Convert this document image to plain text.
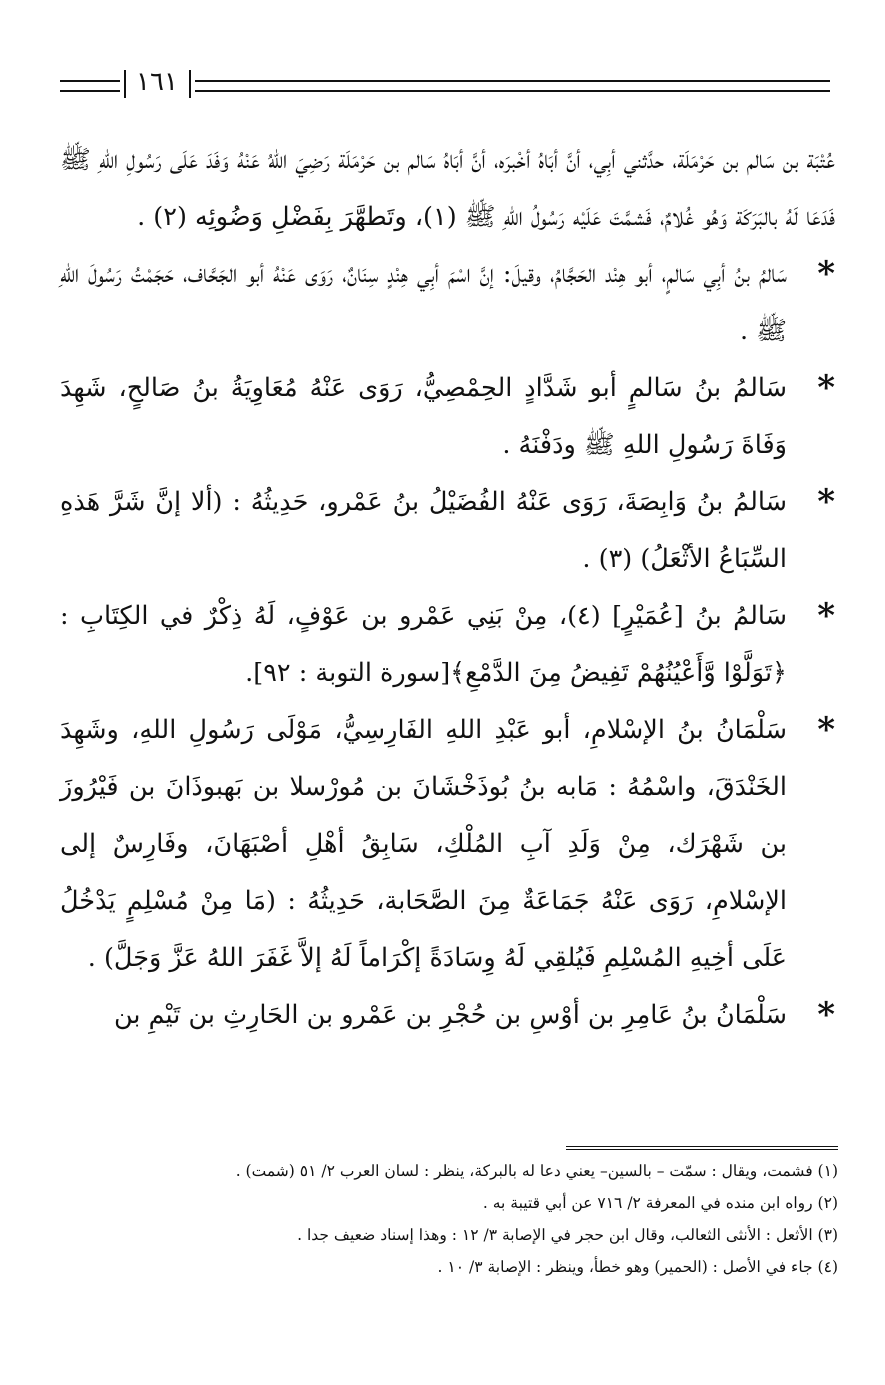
١٦١

عُتْبَة بن سَالم بن حَرْمَلَة، حدَّثني أبِي، أنَّ أبَاهُ أخْبرَه، أنَّ أبَاهُ سَالم بن حَرْمَلَة رَضِيَ اللهُ عَنْهُ وَفَدَ عَلَى رَسُولِ اللهِ ﷺ فَدَعَا لَهُ بالبَرَكَة وَهُو غُلامٌ، فَشمَّتَ عَلَيْه رَسُولُ اللهِ ﷺ (١)، وتَطهَّرَ بِفَضْلِ وَضُوئِه (٢) .

*
سَالمُ بنُ أبِي سَالمٍ، أبو هِنْد الحَجَّامُ، وقيلَ: إنَّ اسْمَ أبِي هِنْدٍ سِنَانٌ، رَوَى عَنْهُ أبو الجَحَّاف، حَجَمْتُ رَسُولَ اللهِ ﷺ .

*
سَالمُ بنُ سَالمٍ أبو شَدَّادٍ الحِمْصِيُّ، رَوَى عَنْهُ مُعَاوِيَةُ بنُ صَالحٍ، شَهِدَ وَفَاةَ رَسُولِ اللهِ ﷺ ودَفْنَهُ .

*
سَالمُ بنُ وَابِصَةَ، رَوَى عَنْهُ الفُضَيْلُ بنُ عَمْرو، حَدِيثُهُ : (ألا إنَّ شَرَّ هَذهِ السِّبَاعُ الأثْعَلُ) (٣) .

*
سَالمُ بنُ [عُمَيْرٍ] (٤)، مِنْ بَنِي عَمْرو بن عَوْفٍ، لَهُ ذِكْرٌ في الكِتَابِ : ﴿تَوَلَّوْا وَّأَعْيُنُهُمْ تَفِيضُ مِنَ الدَّمْعِ﴾[سورة التوبة : ٩٢].

*
سَلْمَانُ بنُ الإسْلامِ، أبو عَبْدِ اللهِ الفَارِسِيُّ، مَوْلَى رَسُولِ اللهِ، وشَهِدَ الخَنْدَقَ، واسْمُهُ : مَابه بنُ بُوذَخْشَانَ بن مُورْسلا بن بَهبوذَانَ بن فَيْرُوزَ بن شَهْرَك، مِنْ وَلَدِ آبِ المُلْكِ، سَابِقُ أهْلِ أصْبَهَانَ، وفَارِسٌ إلى الإسْلامِ، رَوَى عَنْهُ جَمَاعَةٌ مِنَ الصَّحَابة، حَدِيثُهُ : (مَا مِنْ مُسْلِمٍ يَدْخُلُ عَلَى أخِيهِ المُسْلِمِ فَيُلقِي لَهُ وِسَادَةً إكْرَاماً لَهُ إلاَّ غَفَرَ اللهُ عَزَّ وَجَلَّ) .

*
سَلْمَانُ بنُ عَامِرِ بن أوْسِ بن حُجْرِ بن عَمْرو بن الحَارِثِ بن تَيْمِ بن

(١) فشمت، ويقال : سمّت – بالسين– يعني دعا له بالبركة، ينظر : لسان العرب ٢/ ٥١ (شمت) .

(٢) رواه ابن منده في المعرفة ٢/ ٧١٦ عن أبي قتيبة به .

(٣) الأثعل : الأنثى الثعالب، وقال ابن حجر في الإصابة ٣/ ١٢ : وهذا إسناد ضعيف جدا .

(٤) جاء في الأصل : (الحمير) وهو خطأ، وينظر : الإصابة ٣/ ١٠ .
